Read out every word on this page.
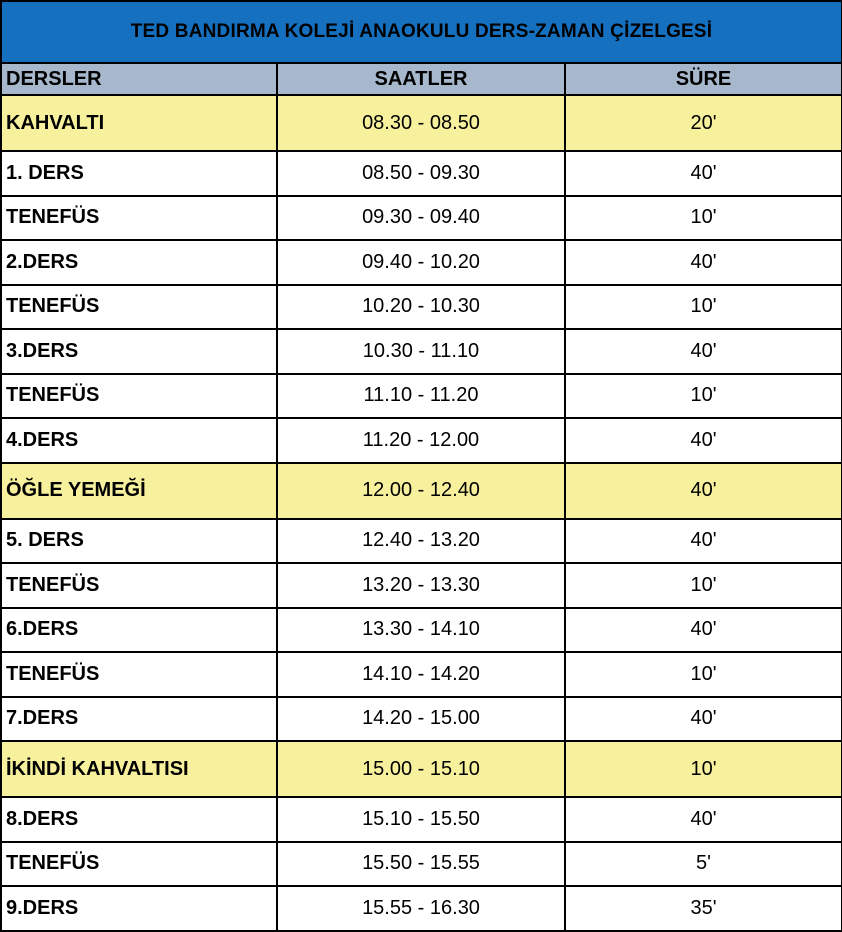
TED BANDIRMA KOLEJİ ANAOKULU DERS-ZAMAN ÇİZELGESİ		
DERSLER	SAATLER	SÜRE
KAHVALTI	08.30 - 08.50	20'
1. DERS	08.50 - 09.30	40'
TENEFÜS	09.30 - 09.40	10'
2.DERS	09.40 - 10.20	40'
TENEFÜS	10.20 - 10.30	10'
3.DERS	10.30 - 11.10	40'
TENEFÜS	11.10 - 11.20	10'
4.DERS	11.20 - 12.00	40'
ÖĞLE YEMEĞİ	12.00 - 12.40	40'
5. DERS	12.40 - 13.20	40'
TENEFÜS	13.20 - 13.30	10'
6.DERS	13.30 - 14.10	40'
TENEFÜS	14.10 - 14.20	10'
7.DERS	14.20 - 15.00	40'
İKİNDİ KAHVALTISI	15.00 - 15.10	10'
8.DERS	15.10 - 15.50	40'
TENEFÜS	15.50 - 15.55	5'
9.DERS	15.55 - 16.30	35'
